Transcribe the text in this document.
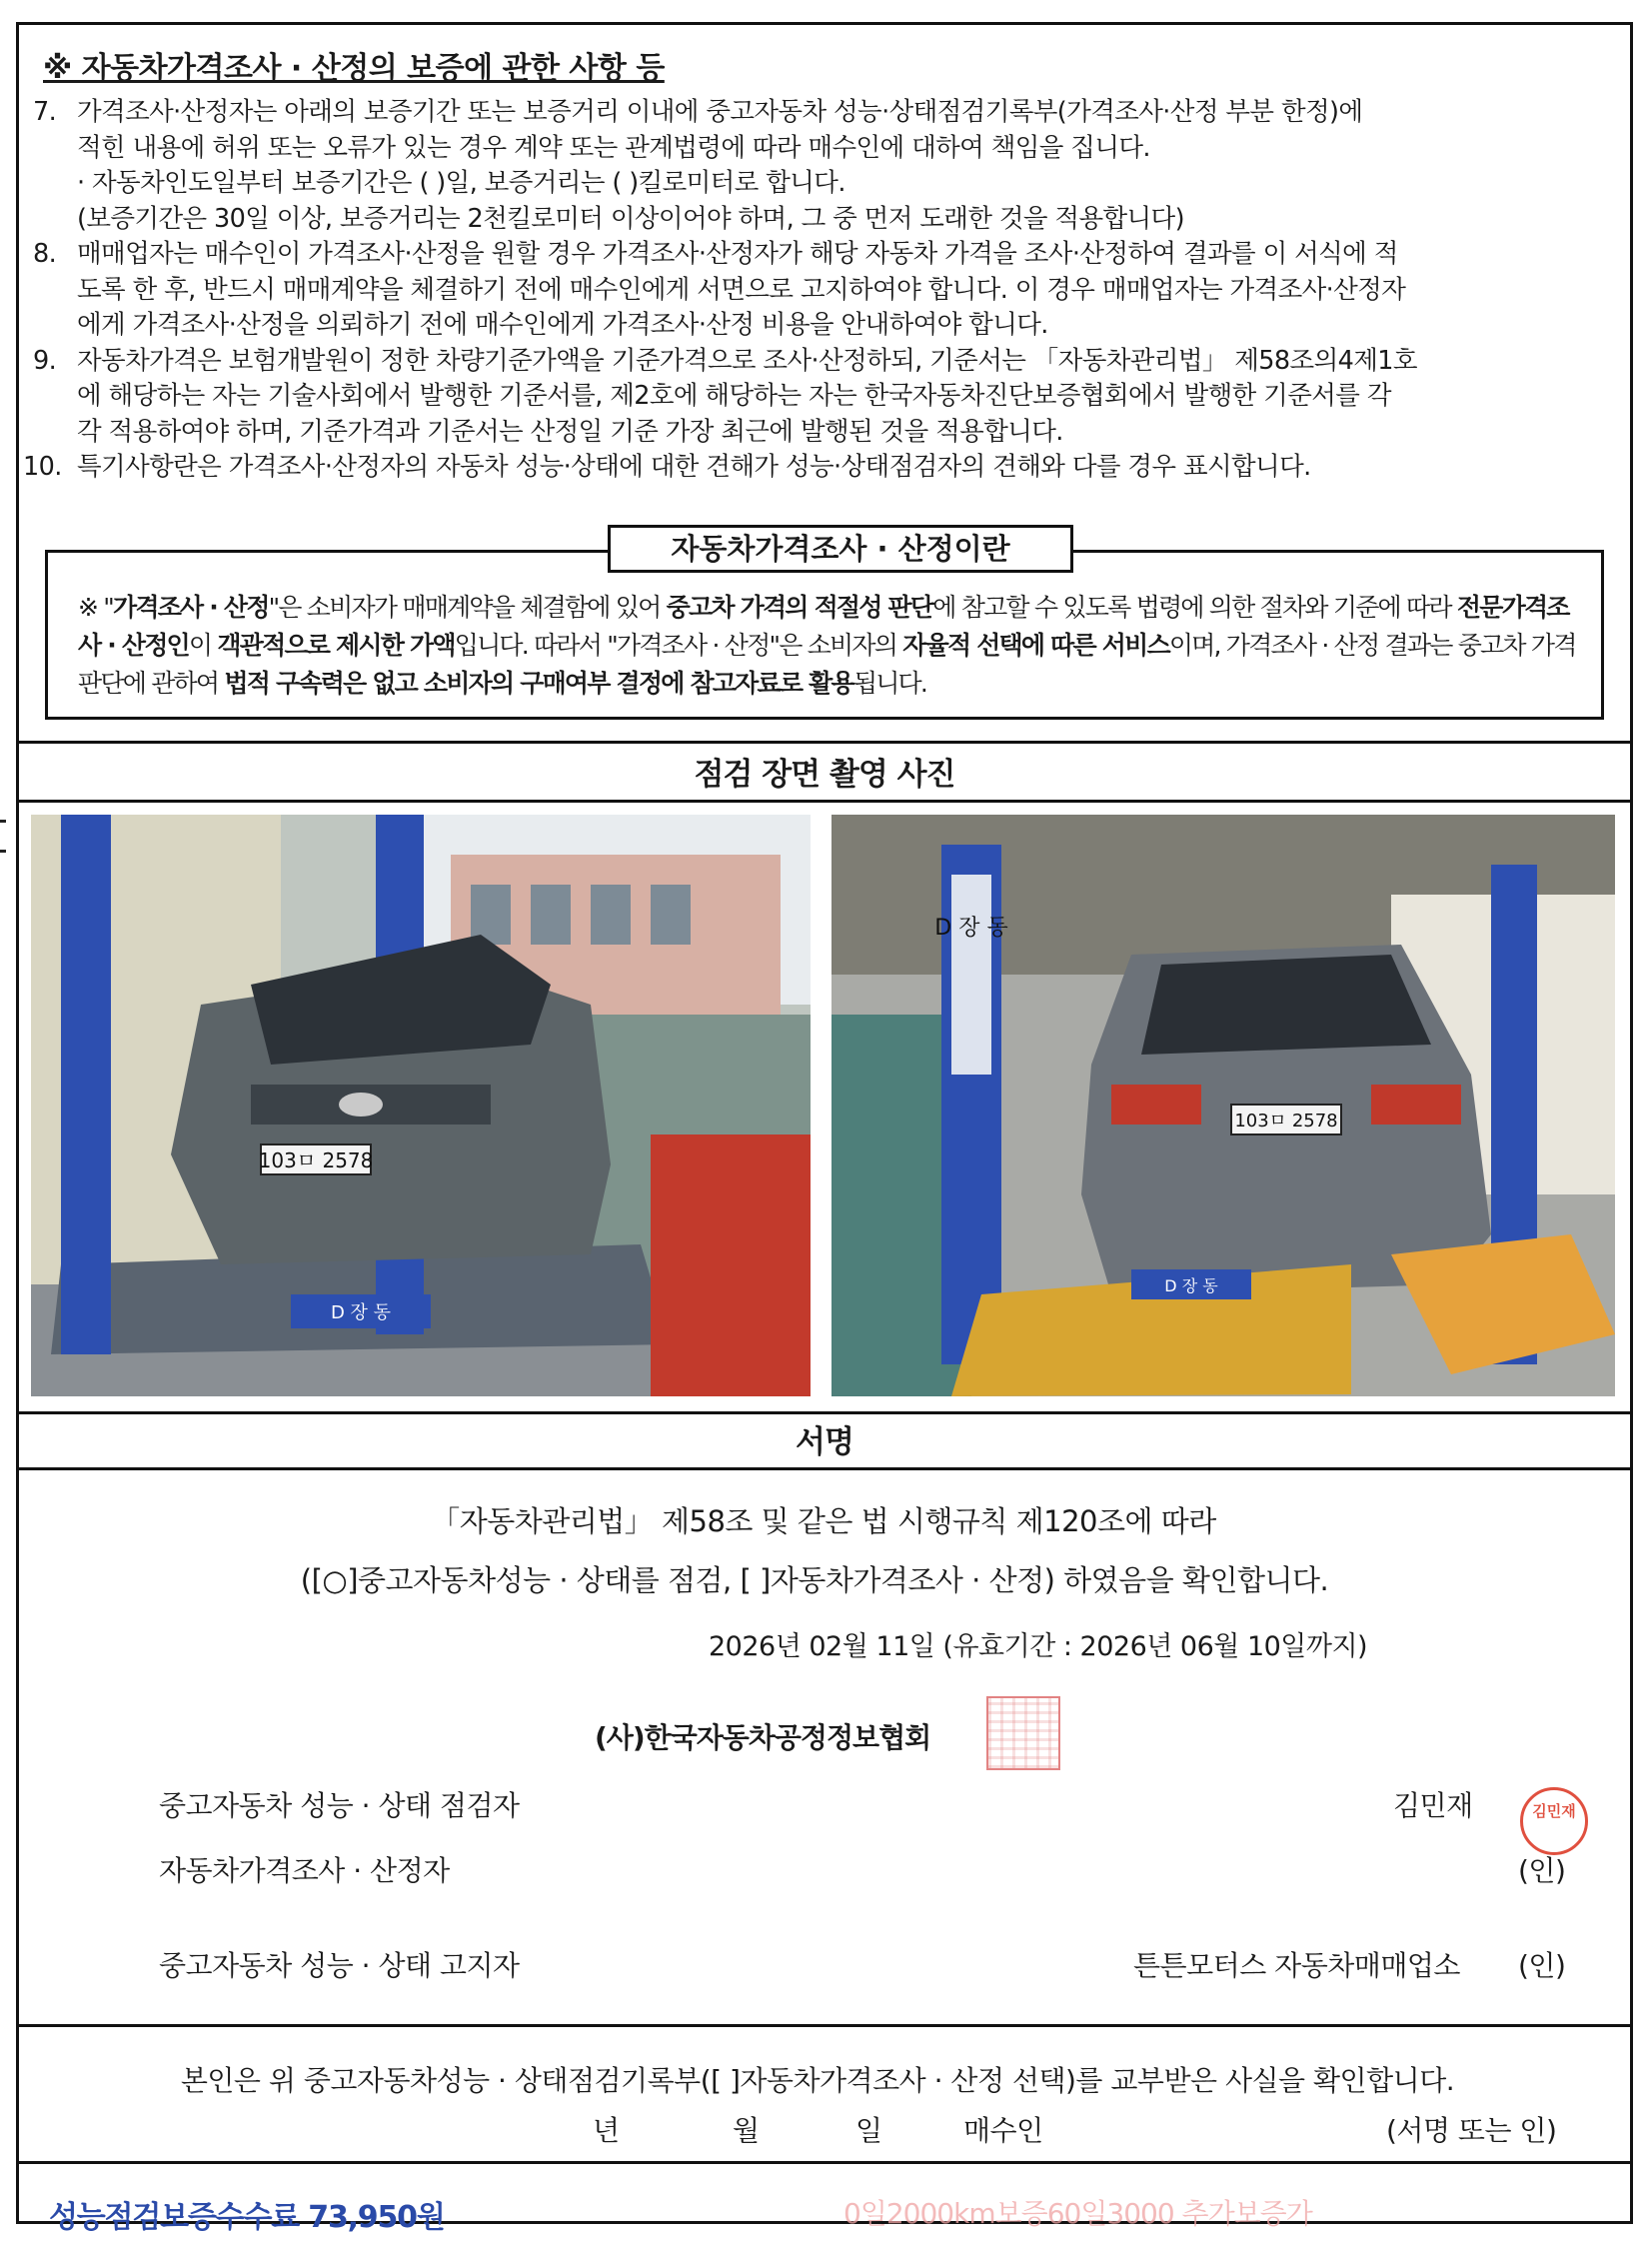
※ 자동차가격조사 · 산정의 보증에 관한 사항 등
7. 가격조사·산정자는 아래의 보증기간 또는 보증거리 이내에 중고자동차 성능·상태점검기록부(가격조사·산정 부분 한정)에
적힌 내용에 허위 또는 오류가 있는 경우 계약 또는 관계법령에 따라 매수인에 대하여 책임을 집니다.
· 자동차인도일부터 보증기간은 ( )일, 보증거리는 ( )킬로미터로 합니다.
(보증기간은 30일 이상, 보증거리는 2천킬로미터 이상이어야 하며, 그 중 먼저 도래한 것을 적용합니다)
8. 매매업자는 매수인이 가격조사·산정을 원할 경우 가격조사·산정자가 해당 자동차 가격을 조사·산정하여 결과를 이 서식에 적
도록 한 후, 반드시 매매계약을 체결하기 전에 매수인에게 서면으로 고지하여야 합니다. 이 경우 매매업자는 가격조사·산정자
에게 가격조사·산정을 의뢰하기 전에 매수인에게 가격조사·산정 비용을 안내하여야 합니다.
9. 자동차가격은 보험개발원이 정한 차량기준가액을 기준가격으로 조사·산정하되, 기준서는 「자동차관리법」 제58조의4제1호
에 해당하는 자는 기술사회에서 발행한 기준서를, 제2호에 해당하는 자는 한국자동차진단보증협회에서 발행한 기준서를 각
각 적용하여야 하며, 기준가격과 기준서는 산정일 기준 가장 최근에 발행된 것을 적용합니다.
10. 특기사항란은 가격조사·산정자의 자동차 성능·상태에 대한 견해가 성능·상태점검자의 견해와 다를 경우 표시합니다.
자동차가격조사 · 산정이란
※ "가격조사 · 산정"은 소비자가 매매계약을 체결함에 있어 중고차 가격의 적절성 판단에 참고할 수 있도록 법령에 의한 절차와 기준에 따라 전문가격조사 · 산정인이 객관적으로 제시한 가액입니다. 따라서 "가격조사 · 산정"은 소비자의 자율적 선택에 따른 서비스이며, 가격조사 · 산정 결과는 중고차 가격판단에 관하여 법적 구속력은 없고 소비자의 구매여부 결정에 참고자료로 활용됩니다.
점검 장면 촬영 사진
103ㅁ 2578
D 장 동
D 장 동
103ㅁ 2578
D 장 동
서명
「자동차관리법」 제58조 및 같은 법 시행규칙 제120조에 따라
([○]중고자동차성능 · 상태를 점검, [ ]자동차가격조사 · 산정) 하였음을 확인합니다.
2026년 02월 11일 (유효기간 : 2026년 06월 10일까지)
(사)한국자동차공정정보협회
중고자동차 성능 · 상태 점검자	김민재	김민재
자동차가격조사 · 산정자	(인)
중고자동차 성능 · 상태 고지자	튼튼모터스 자동차매매업소 (인)
본인은 위 중고자동차성능 · 상태점검기록부([ ]자동차가격조사 · 산정 선택)를 교부받은 사실을 확인합니다.
년	월	일	매수인	(서명 또는 인)
성능점검보증수수료 73,950원	0일2000km보증60일3000 추가보증가
